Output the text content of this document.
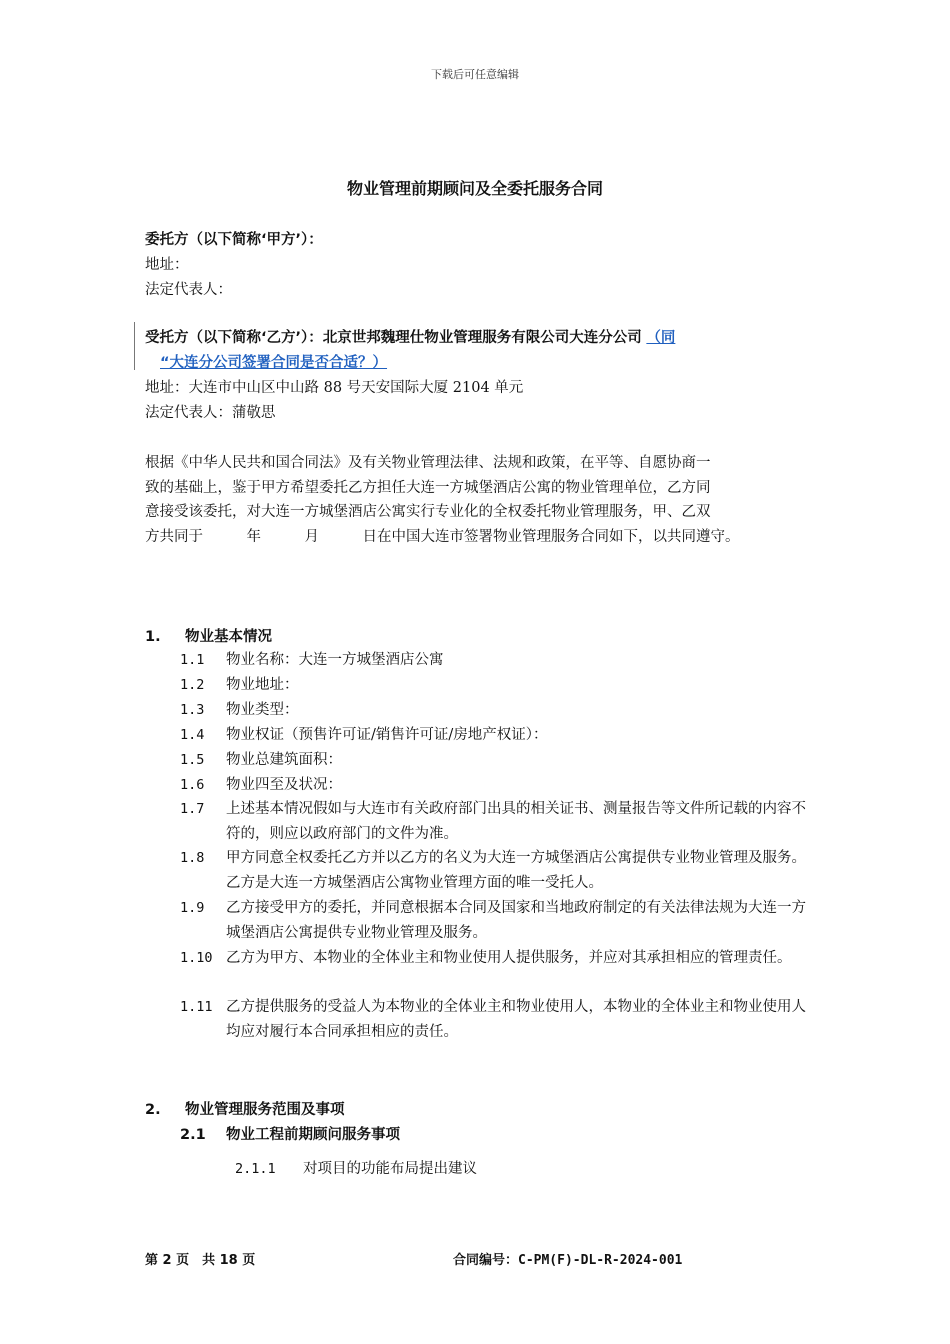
下载后可任意编辑
物业管理前期顾问及全委托服务合同
委托方（以下简称‘甲方’）：
地址：
法定代表人：
受托方（以下简称‘乙方’）：北京世邦魏理仕物业管理服务有限公司大连分公司 （同
“大连分公司签署合同是否合适？）
地址：大连市中山区中山路 88 号天安国际大厦 2104 单元
法定代表人：蒲敬思
根据《中华人民共和国合同法》及有关物业管理法律、法规和政策，在平等、自愿协商一
致的基础上，鉴于甲方希望委托乙方担任大连一方城堡酒店公寓的物业管理单位，乙方同
意接受该委托，对大连一方城堡酒店公寓实行专业化的全权委托物业管理服务，甲、乙双
方共同于　　　年　　　月　　　日在中国大连市签署物业管理服务合同如下，以共同遵守。
1. 物业基本情况
1.1	物业名称：大连一方城堡酒店公寓
1.2	物业地址：
1.3	物业类型：
1.4	物业权证（预售许可证/销售许可证/房地产权证）：
1.5	物业总建筑面积：
1.6	物业四至及状况：
1.7	上述基本情况假如与大连市有关政府部门出具的相关证书、测量报告等文件所记载的内容不符的，则应以政府部门的文件为准。
1.8	甲方同意全权委托乙方并以乙方的名义为大连一方城堡酒店公寓提供专业物业管理及服务。乙方是大连一方城堡酒店公寓物业管理方面的唯一受托人。
1.9	乙方接受甲方的委托，并同意根据本合同及国家和当地政府制定的有关法律法规为大连一方城堡酒店公寓提供专业物业管理及服务。
1.10 乙方为甲方、本物业的全体业主和物业使用人提供服务，并应对其承担相应的管理责任。
1.11 乙方提供服务的受益人为本物业的全体业主和物业使用人，本物业的全体业主和物业使用人均应对履行本合同承担相应的责任。
2. 物业管理服务范围及事项
2.1 物业工程前期顾问服务事项
2.1.1 对项目的功能布局提出建议
第 2 页　共 18 页	合同编号：C-PM(F)-DL-R-2024-001
